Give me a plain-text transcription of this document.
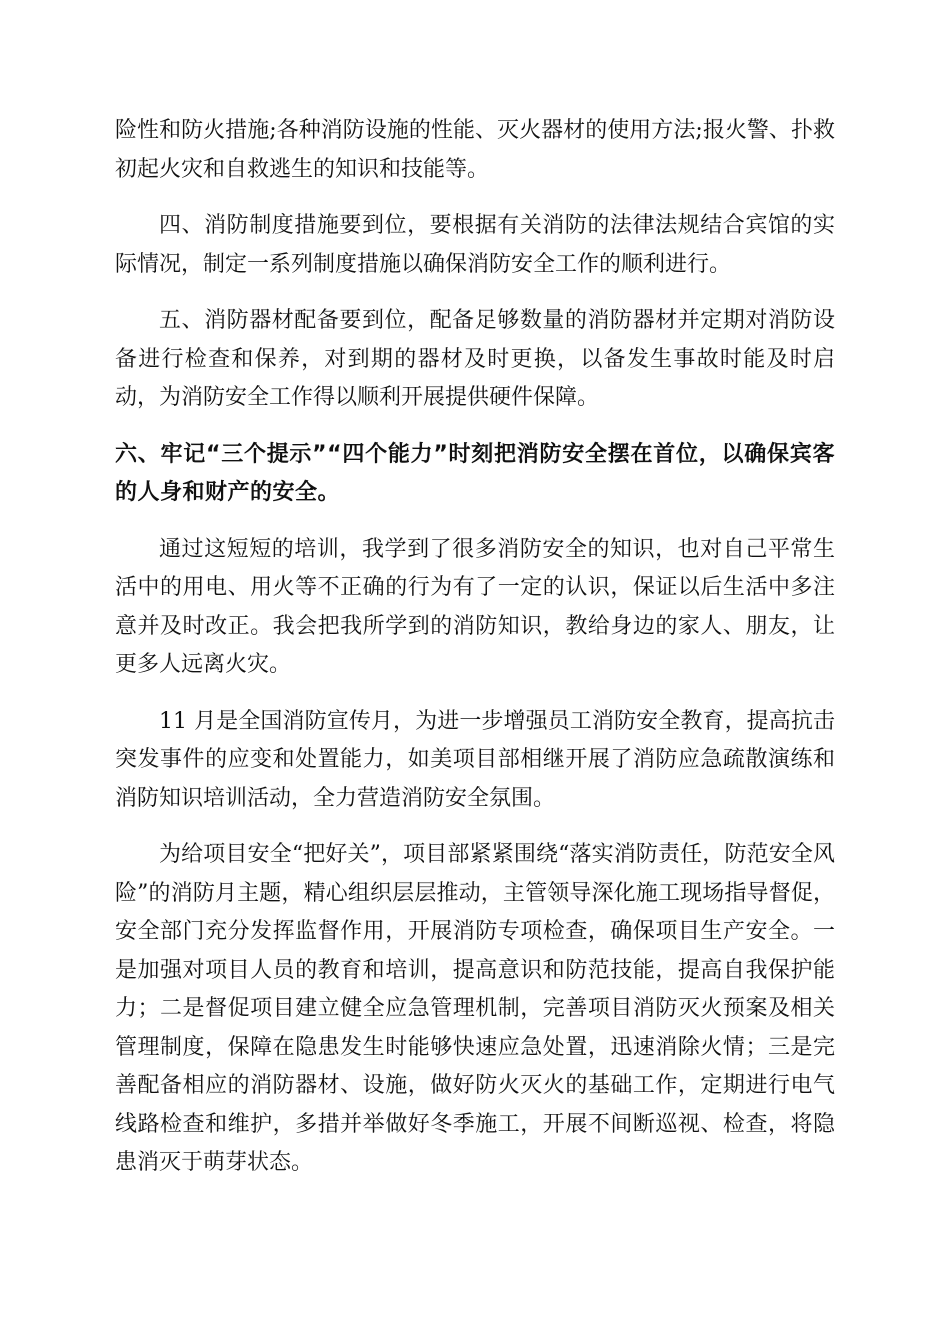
险性和防火措施;各种消防设施的性能、灭火器材的使用方法;报火警、扑救初起火灾和自救逃生的知识和技能等。

四、消防制度措施要到位，要根据有关消防的法律法规结合宾馆的实际情况，制定一系列制度措施以确保消防安全工作的顺利进行。

五、消防器材配备要到位，配备足够数量的消防器材并定期对消防设备进行检查和保养，对到期的器材及时更换，以备发生事故时能及时启动，为消防安全工作得以顺利开展提供硬件保障。

六、牢记“三个提示”“四个能力”时刻把消防安全摆在首位，以确保宾客的人身和财产的安全。

通过这短短的培训，我学到了很多消防安全的知识，也对自己平常生活中的用电、用火等不正确的行为有了一定的认识，保证以后生活中多注意并及时改正。我会把我所学到的消防知识，教给身边的家人、朋友，让更多人远离火灾。

11 月是全国消防宣传月，为进一步增强员工消防安全教育，提高抗击突发事件的应变和处置能力，如美项目部相继开展了消防应急疏散演练和消防知识培训活动，全力营造消防安全氛围。

为给项目安全“把好关”，项目部紧紧围绕“落实消防责任，防范安全风险”的消防月主题，精心组织层层推动，主管领导深化施工现场指导督促，安全部门充分发挥监督作用，开展消防专项检查，确保项目生产安全。一是加强对项目人员的教育和培训，提高意识和防范技能，提高自我保护能力；二是督促项目建立健全应急管理机制，完善项目消防灭火预案及相关管理制度，保障在隐患发生时能够快速应急处置，迅速消除火情；三是完善配备相应的消防器材、设施，做好防火灭火的基础工作，定期进行电气线路检查和维护，多措并举做好冬季施工，开展不间断巡视、检查，将隐患消灭于萌芽状态。
